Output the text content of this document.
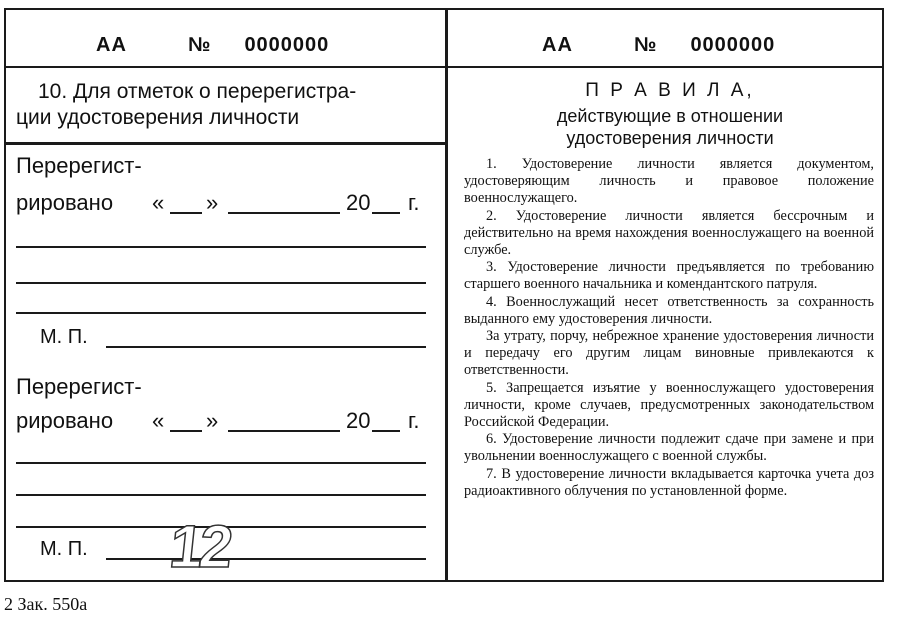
АА	№ 0000000
10. Для отметок о перерегистра-
ции удостоверения личности
Перерегист-
рировано « »	20 г.
М. П.
Перерегист-
рировано « »	20 г.
М. П. 12
АА	№ 0000000
П Р А В И Л А,
действующие в отношении
удостоверения личности

1. Удостоверение личности является документом, удостоверяющим личность и правовое положение военнослужащего.

2. Удостоверение личности является бессрочным и действительно на время нахождения военнослужащего на военной службе.

3. Удостоверение личности предъявляется по требованию старшего военного начальника и комендантского патруля.

4. Военнослужащий несет ответственность за сохранность выданного ему удостоверения личности.

За утрату, порчу, небрежное хранение удостоверения личности и передачу его другим лицам виновные привлекаются к ответственности.

5. Запрещается изъятие у военнослужащего удостоверения личности, кроме случаев, предусмотренных законодательством Российской Федерации.

6. Удостоверение личности подлежит сдаче при замене и при увольнении военнослужащего с военной службы.

7. В удостоверение личности вкладывается карточка учета доз радиоактивного облучения по установленной форме.

2 Зак. 550а
